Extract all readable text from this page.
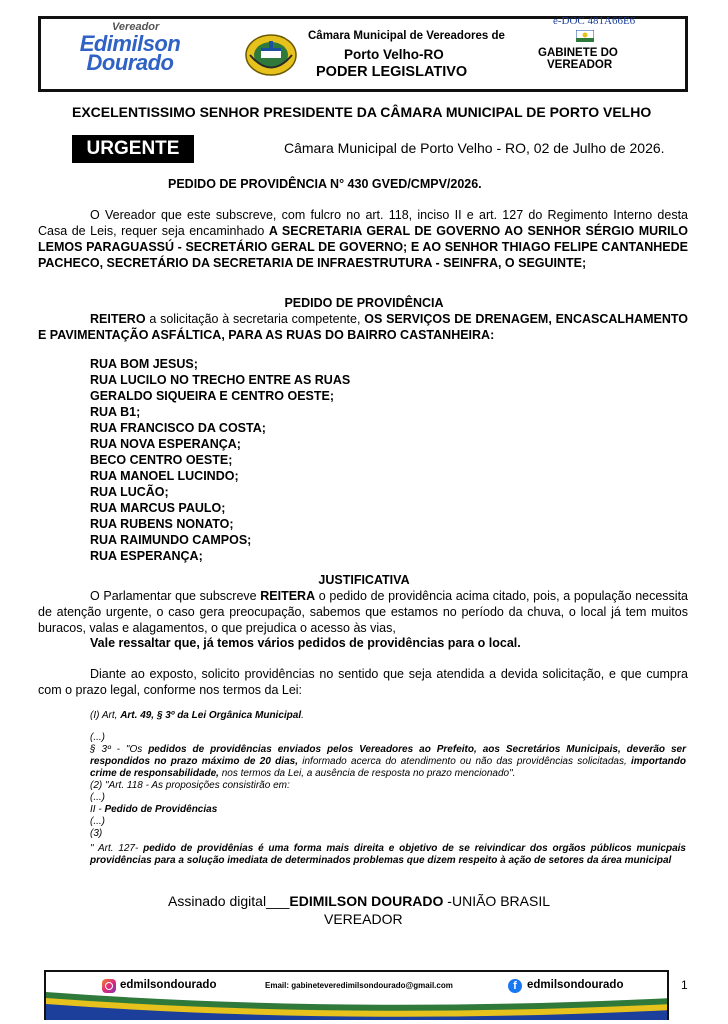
e-DOC 481A66E6
Vereador
Edimilson
Dourado
Câmara Municipal de Vereadores de
Porto Velho-RO
PODER LEGISLATIVO
GABINETE DO
VEREADOR
EXCELENTISSIMO SENHOR PRESIDENTE DA CÂMARA MUNICIPAL DE PORTO VELHO
URGENTE	Câmara Municipal de Porto Velho - RO, 02 de Julho de 2026.
PEDIDO DE PROVIDÊNCIA N° 430 GVED/CMPV/2026.

O Vereador que este subscreve, com fulcro no art. 118, inciso II e art. 127 do Regimento Interno desta Casa de Leis, requer seja encaminhado A SECRETARIA GERAL DE GOVERNO AO SENHOR SÉRGIO MURILO LEMOS PARAGUASSÚ - SECRETÁRIO GERAL DE GOVERNO; E AO SENHOR THIAGO FELIPE CANTANHEDE PACHECO, SECRETÁRIO DA SECRETARIA DE INFRAESTRUTURA - SEINFRA, O SEGUINTE;

PEDIDO DE PROVIDÊNCIA

REITERO a solicitação à secretaria competente, OS SERVIÇOS DE DRENAGEM, ENCASCALHAMENTO E PAVIMENTAÇÃO ASFÁLTICA, PARA AS RUAS DO BAIRRO CASTANHEIRA:

RUA BOM JESUS;
RUA LUCILO NO TRECHO ENTRE AS RUAS
GERALDO SIQUEIRA E CENTRO OESTE;
RUA B1;
RUA FRANCISCO DA COSTA;
RUA NOVA ESPERANÇA;
BECO CENTRO OESTE;
RUA MANOEL LUCINDO;
RUA LUCÃO;
RUA MARCUS PAULO;
RUA RUBENS NONATO;
RUA RAIMUNDO CAMPOS;
RUA ESPERANÇA;
JUSTIFICATIVA

O Parlamentar que subscreve REITERA o pedido de providência acima citado, pois, a população necessita de atenção urgente, o caso gera preocupação, sabemos que estamos no período da chuva, o local já tem muitos buracos, valas e alagamentos, o que prejudica o acesso às vias,

Vale ressaltar que, já temos vários pedidos de providências para o local.

Diante ao exposto, solicito providências no sentido que seja atendida a devida solicitação, e que cumpra com o prazo legal, conforme nos termos da Lei:

(I) Art, Art. 49, § 3º da Lei Orgânica Municipal.
(...)
§ 3º - "Os pedidos de providências enviados pelos Vereadores ao Prefeito, aos Secretários Municipais, deverão ser respondidos no prazo máximo de 20 dias, informado acerca do atendimento ou não das providências solicitadas, importando crime de responsabilidade, nos termos da Lei, a ausência de resposta no prazo mencionado".
(2) "Art. 118 - As proposições consistirão em:
(...)
II - Pedido de Providências
(...)
(3)
" Art. 127- pedido de providênias é uma forma mais direita e objetivo de se reivindicar dos orgãos públicos municpais providências para a solução imediata de determinados problemas que dizem respeito à ação de setores da área municipal
Assinado digital___EDIMILSON DOURADO -UNIÃO BRASIL
VEREADOR
edmilsondourado	Email: gabineteveredimilsondourado@gmail.com	f edmilsondourado	1
